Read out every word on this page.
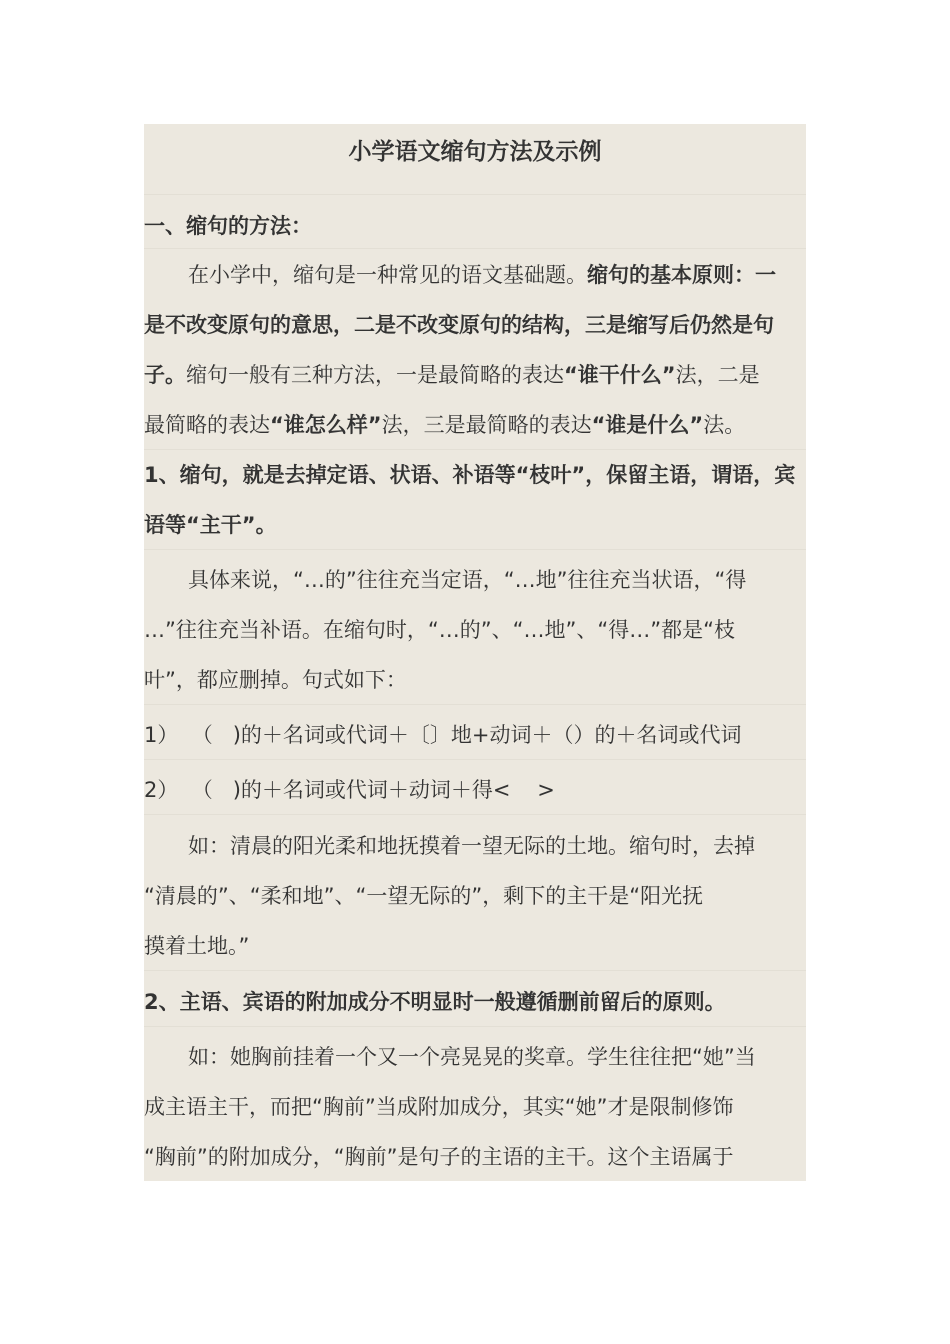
小学语文缩句方法及示例
一、缩句的方法：
在小学中，缩句是一种常见的语文基础题。缩句的基本原则：一
是不改变原句的意思，二是不改变原句的结构，三是缩写后仍然是句
子。缩句一般有三种方法，一是最简略的表达“谁干什么”法，二是
最简略的表达“谁怎么样”法，三是最简略的表达“谁是什么”法。
1、缩句，就是去掉定语、状语、补语等“枝叶”，保留主语，谓语，宾
语等“主干”。
具体来说，“…的”往往充当定语，“…地”往往充当状语，“得
…”往往充当补语。在缩句时，“…的”、“…地”、“得…”都是“枝
叶”，都应删掉。句式如下：
1）  （   )的＋名词或代词＋〔〕地+动词＋（）的＋名词或代词
2）  （   )的＋名词或代词＋动词＋得<    >
如：清晨的阳光柔和地抚摸着一望无际的土地。缩句时，去掉
“清晨的”、“柔和地”、“一望无际的”，剩下的主干是“阳光抚
摸着土地。”
2、主语、宾语的附加成分不明显时一般遵循删前留后的原则。
如：她胸前挂着一个又一个亮晃晃的奖章。学生往往把“她”当
成主语主干，而把“胸前”当成附加成分，其实“她”才是限制修饰
“胸前”的附加成分，“胸前”是句子的主语的主干。这个主语属于
